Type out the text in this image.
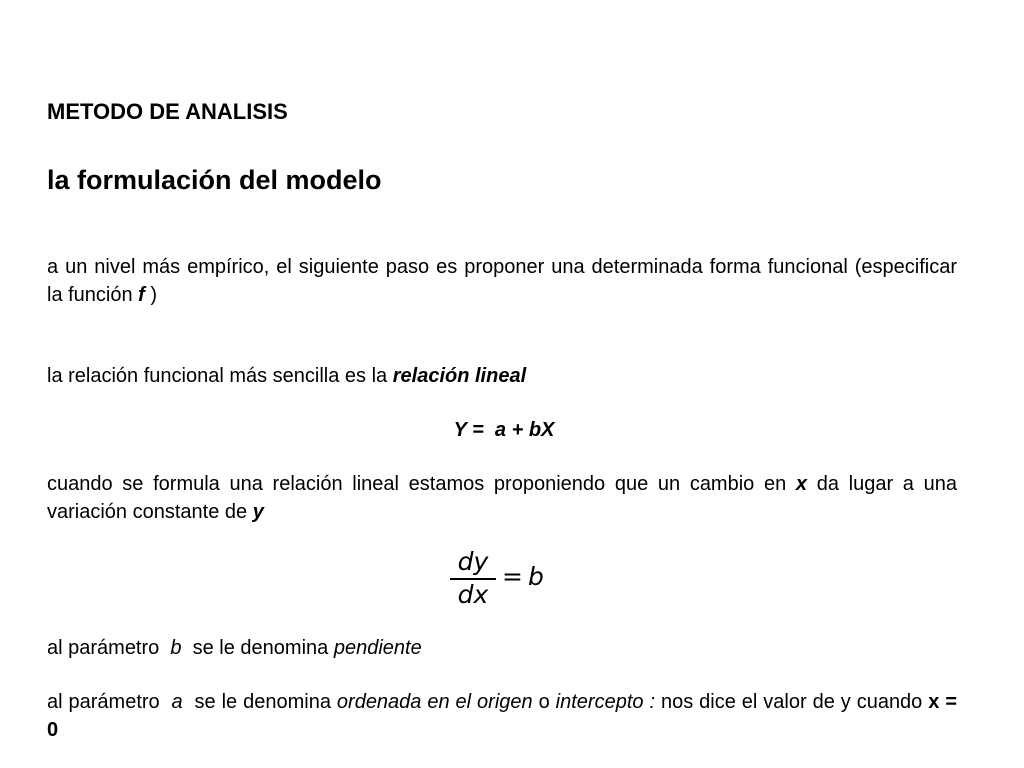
METODO DE ANALISIS
la formulación del modelo
a un nivel más empírico, el siguiente paso es proponer una determinada forma funcional (especificar la función f )
la relación funcional más sencilla es la relación lineal
Y =  a + bX
cuando se formula una relación lineal estamos proponiendo que un cambio en x da lugar a una variación constante de y
dy
dx
= b
al parámetro  b  se le denomina pendiente
al parámetro  a  se le denomina ordenada en el origen o intercepto : nos dice el valor de y cuando x = 0
